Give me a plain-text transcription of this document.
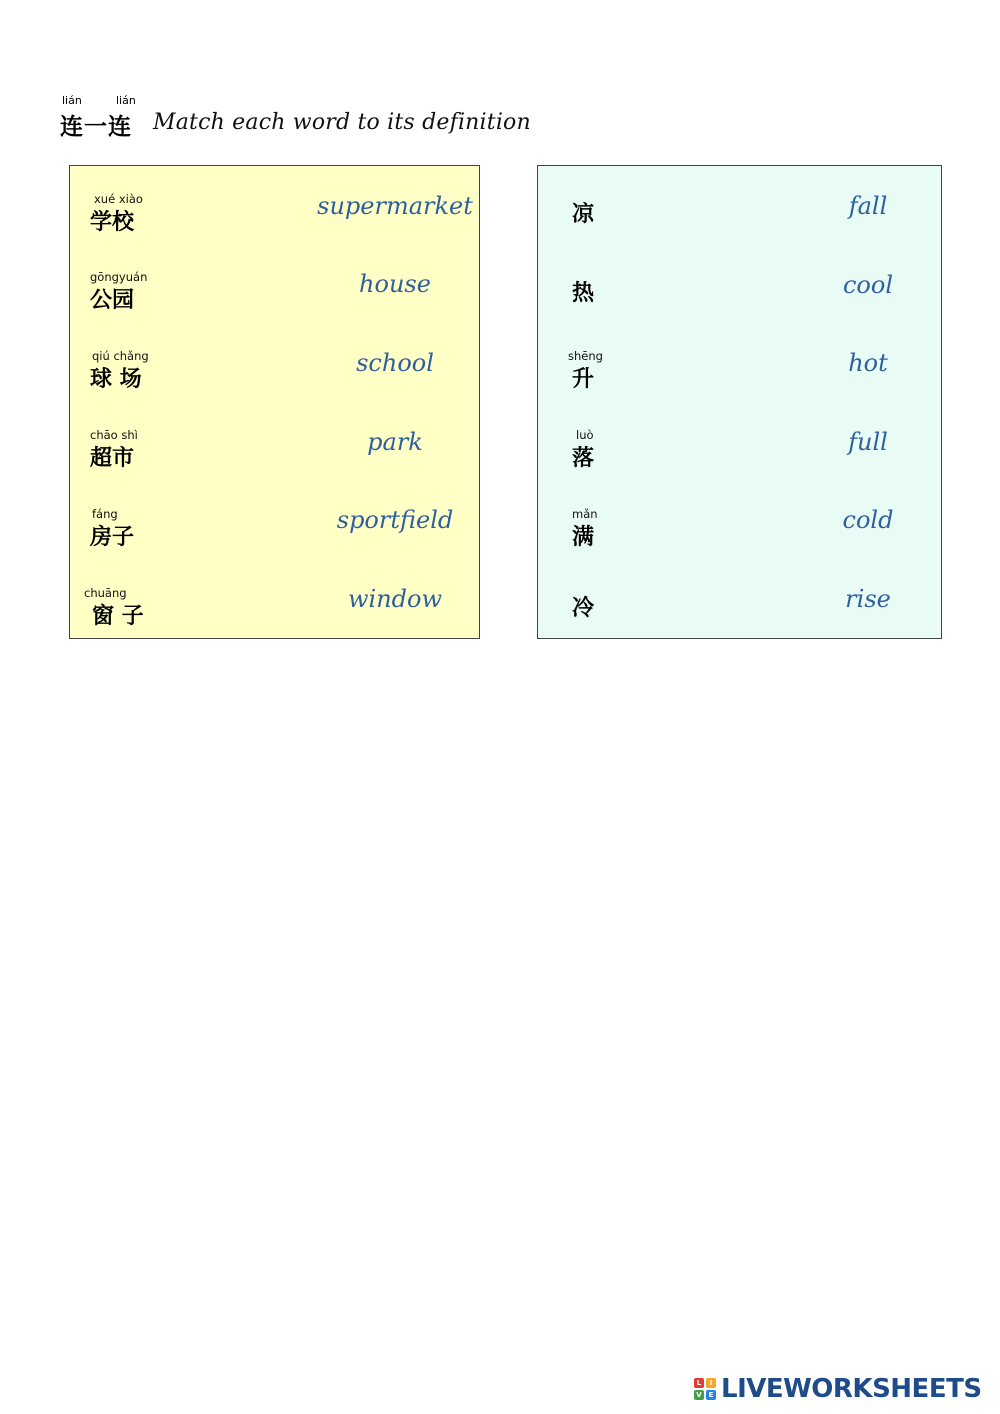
lián	lián
连一连 Match each word to its definition
xué xiào
学校
gōngyuán
公园
qiú chǎng
球 场
chāo shì
超市
fáng
房子
chuāng
窗 子
supermarket
house
school
park
sportfield
window
凉
热
shēng
升
luò
落
mǎn
满
冷
fall
cool
hot
full
cold
rise
L	I
V E LIVEWORKSHEETS
